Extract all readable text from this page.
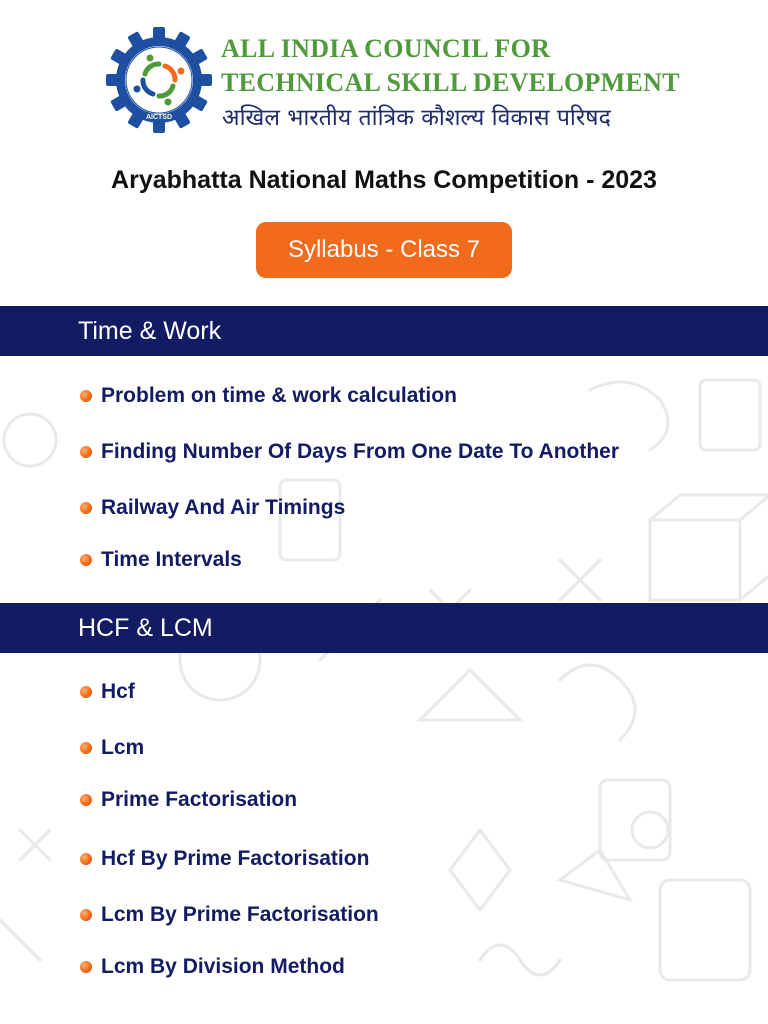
AICTSD
ALL INDIA COUNCIL FOR
TECHNICAL SKILL DEVELOPMENT
अखिल भारतीय तांत्रिक कौशल्य विकास परिषद
Aryabhatta National Maths Competition - 2023
Syllabus - Class 7
Time & Work
Problem on time & work calculation
Finding Number Of Days From One Date To Another
Railway And Air Timings
Time Intervals
HCF & LCM
Hcf
Lcm
Prime Factorisation
Hcf By Prime Factorisation
Lcm By Prime Factorisation
Lcm By Division Method
